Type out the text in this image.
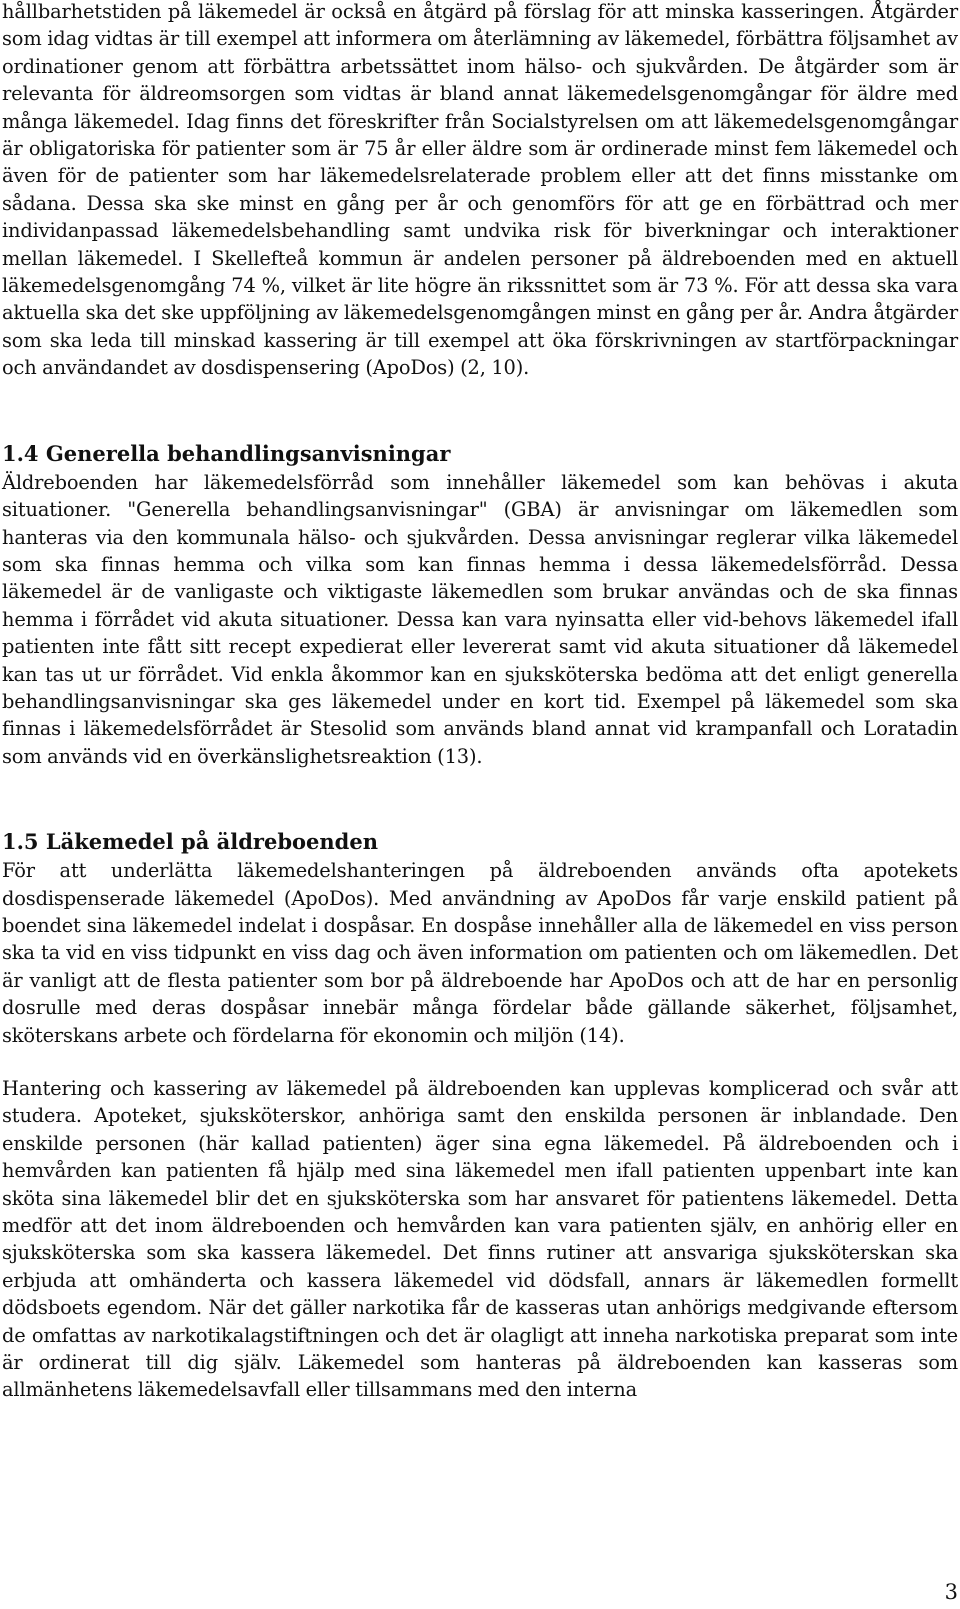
hållbarhetstiden på läkemedel är också en åtgärd på förslag för att minska kasseringen. Åtgärder som idag vidtas är till exempel att informera om återlämning av läkemedel, förbättra följsamhet av ordinationer genom att förbättra arbetssättet inom hälso- och sjukvården. De åtgärder som är relevanta för äldreomsorgen som vidtas är bland annat läkemedelsgenomgångar för äldre med många läkemedel. Idag finns det föreskrifter från Socialstyrelsen om att läkemedelsgenomgångar är obligatoriska för patienter som är 75 år eller äldre som är ordinerade minst fem läkemedel och även för de patienter som har läkemedelsrelaterade problem eller att det finns misstanke om sådana. Dessa ska ske minst en gång per år och genomförs för att ge en förbättrad och mer individanpassad läkemedelsbehandling samt undvika risk för biverkningar och interaktioner mellan läkemedel. I Skellefteå kommun är andelen personer på äldreboenden med en aktuell läkemedelsgenomgång 74 %, vilket är lite högre än rikssnittet som är 73 %. För att dessa ska vara aktuella ska det ske uppföljning av läkemedelsgenomgången minst en gång per år. Andra åtgärder som ska leda till minskad kassering är till exempel att öka förskrivningen av startförpackningar och användandet av dosdispensering (ApoDos) (2, 10).

1.4 Generella behandlingsanvisningar

Äldreboenden har läkemedelsförråd som innehåller läkemedel som kan behövas i akuta situationer. "Generella behandlingsanvisningar" (GBA) är anvisningar om läkemedlen som hanteras via den kommunala hälso- och sjukvården. Dessa anvisningar reglerar vilka läkemedel som ska finnas hemma och vilka som kan finnas hemma i dessa läkemedelsförråd. Dessa läkemedel är de vanligaste och viktigaste läkemedlen som brukar användas och de ska finnas hemma i förrådet vid akuta situationer. Dessa kan vara nyinsatta eller vid-behovs läkemedel ifall patienten inte fått sitt recept expedierat eller levererat samt vid akuta situationer då läkemedel kan tas ut ur förrådet. Vid enkla åkommor kan en sjuksköterska bedöma att det enligt generella behandlingsanvisningar ska ges läkemedel under en kort tid. Exempel på läkemedel som ska finnas i läkemedelsförrådet är Stesolid som används bland annat vid krampanfall och Loratadin som används vid en överkänslighetsreaktion (13).

1.5 Läkemedel på äldreboenden

För att underlätta läkemedelshanteringen på äldreboenden används ofta apotekets dosdispenserade läkemedel (ApoDos). Med användning av ApoDos får varje enskild patient på boendet sina läkemedel indelat i dospåsar. En dospåse innehåller alla de läkemedel en viss person ska ta vid en viss tidpunkt en viss dag och även information om patienten och om läkemedlen. Det är vanligt att de flesta patienter som bor på äldreboende har ApoDos och att de har en personlig dosrulle med deras dospåsar innebär många fördelar både gällande säkerhet, följsamhet, sköterskans arbete och fördelarna för ekonomin och miljön (14).

Hantering och kassering av läkemedel på äldreboenden kan upplevas komplicerad och svår att studera. Apoteket, sjuksköterskor, anhöriga samt den enskilda personen är inblandade. Den enskilde personen (här kallad patienten) äger sina egna läkemedel. På äldreboenden och i hemvården kan patienten få hjälp med sina läkemedel men ifall patienten uppenbart inte kan sköta sina läkemedel blir det en sjuksköterska som har ansvaret för patientens läkemedel. Detta medför att det inom äldreboenden och hemvården kan vara patienten själv, en anhörig eller en sjuksköterska som ska kassera läkemedel. Det finns rutiner att ansvariga sjuksköterskan ska erbjuda att omhänderta och kassera läkemedel vid dödsfall, annars är läkemedlen formellt dödsboets egendom. När det gäller narkotika får de kasseras utan anhörigs medgivande eftersom de omfattas av narkotikalagstiftningen och det är olagligt att inneha narkotiska preparat som inte är ordinerat till dig själv. Läkemedel som hanteras på äldreboenden kan kasseras som allmänhetens läkemedelsavfall eller tillsammans med den interna

3
